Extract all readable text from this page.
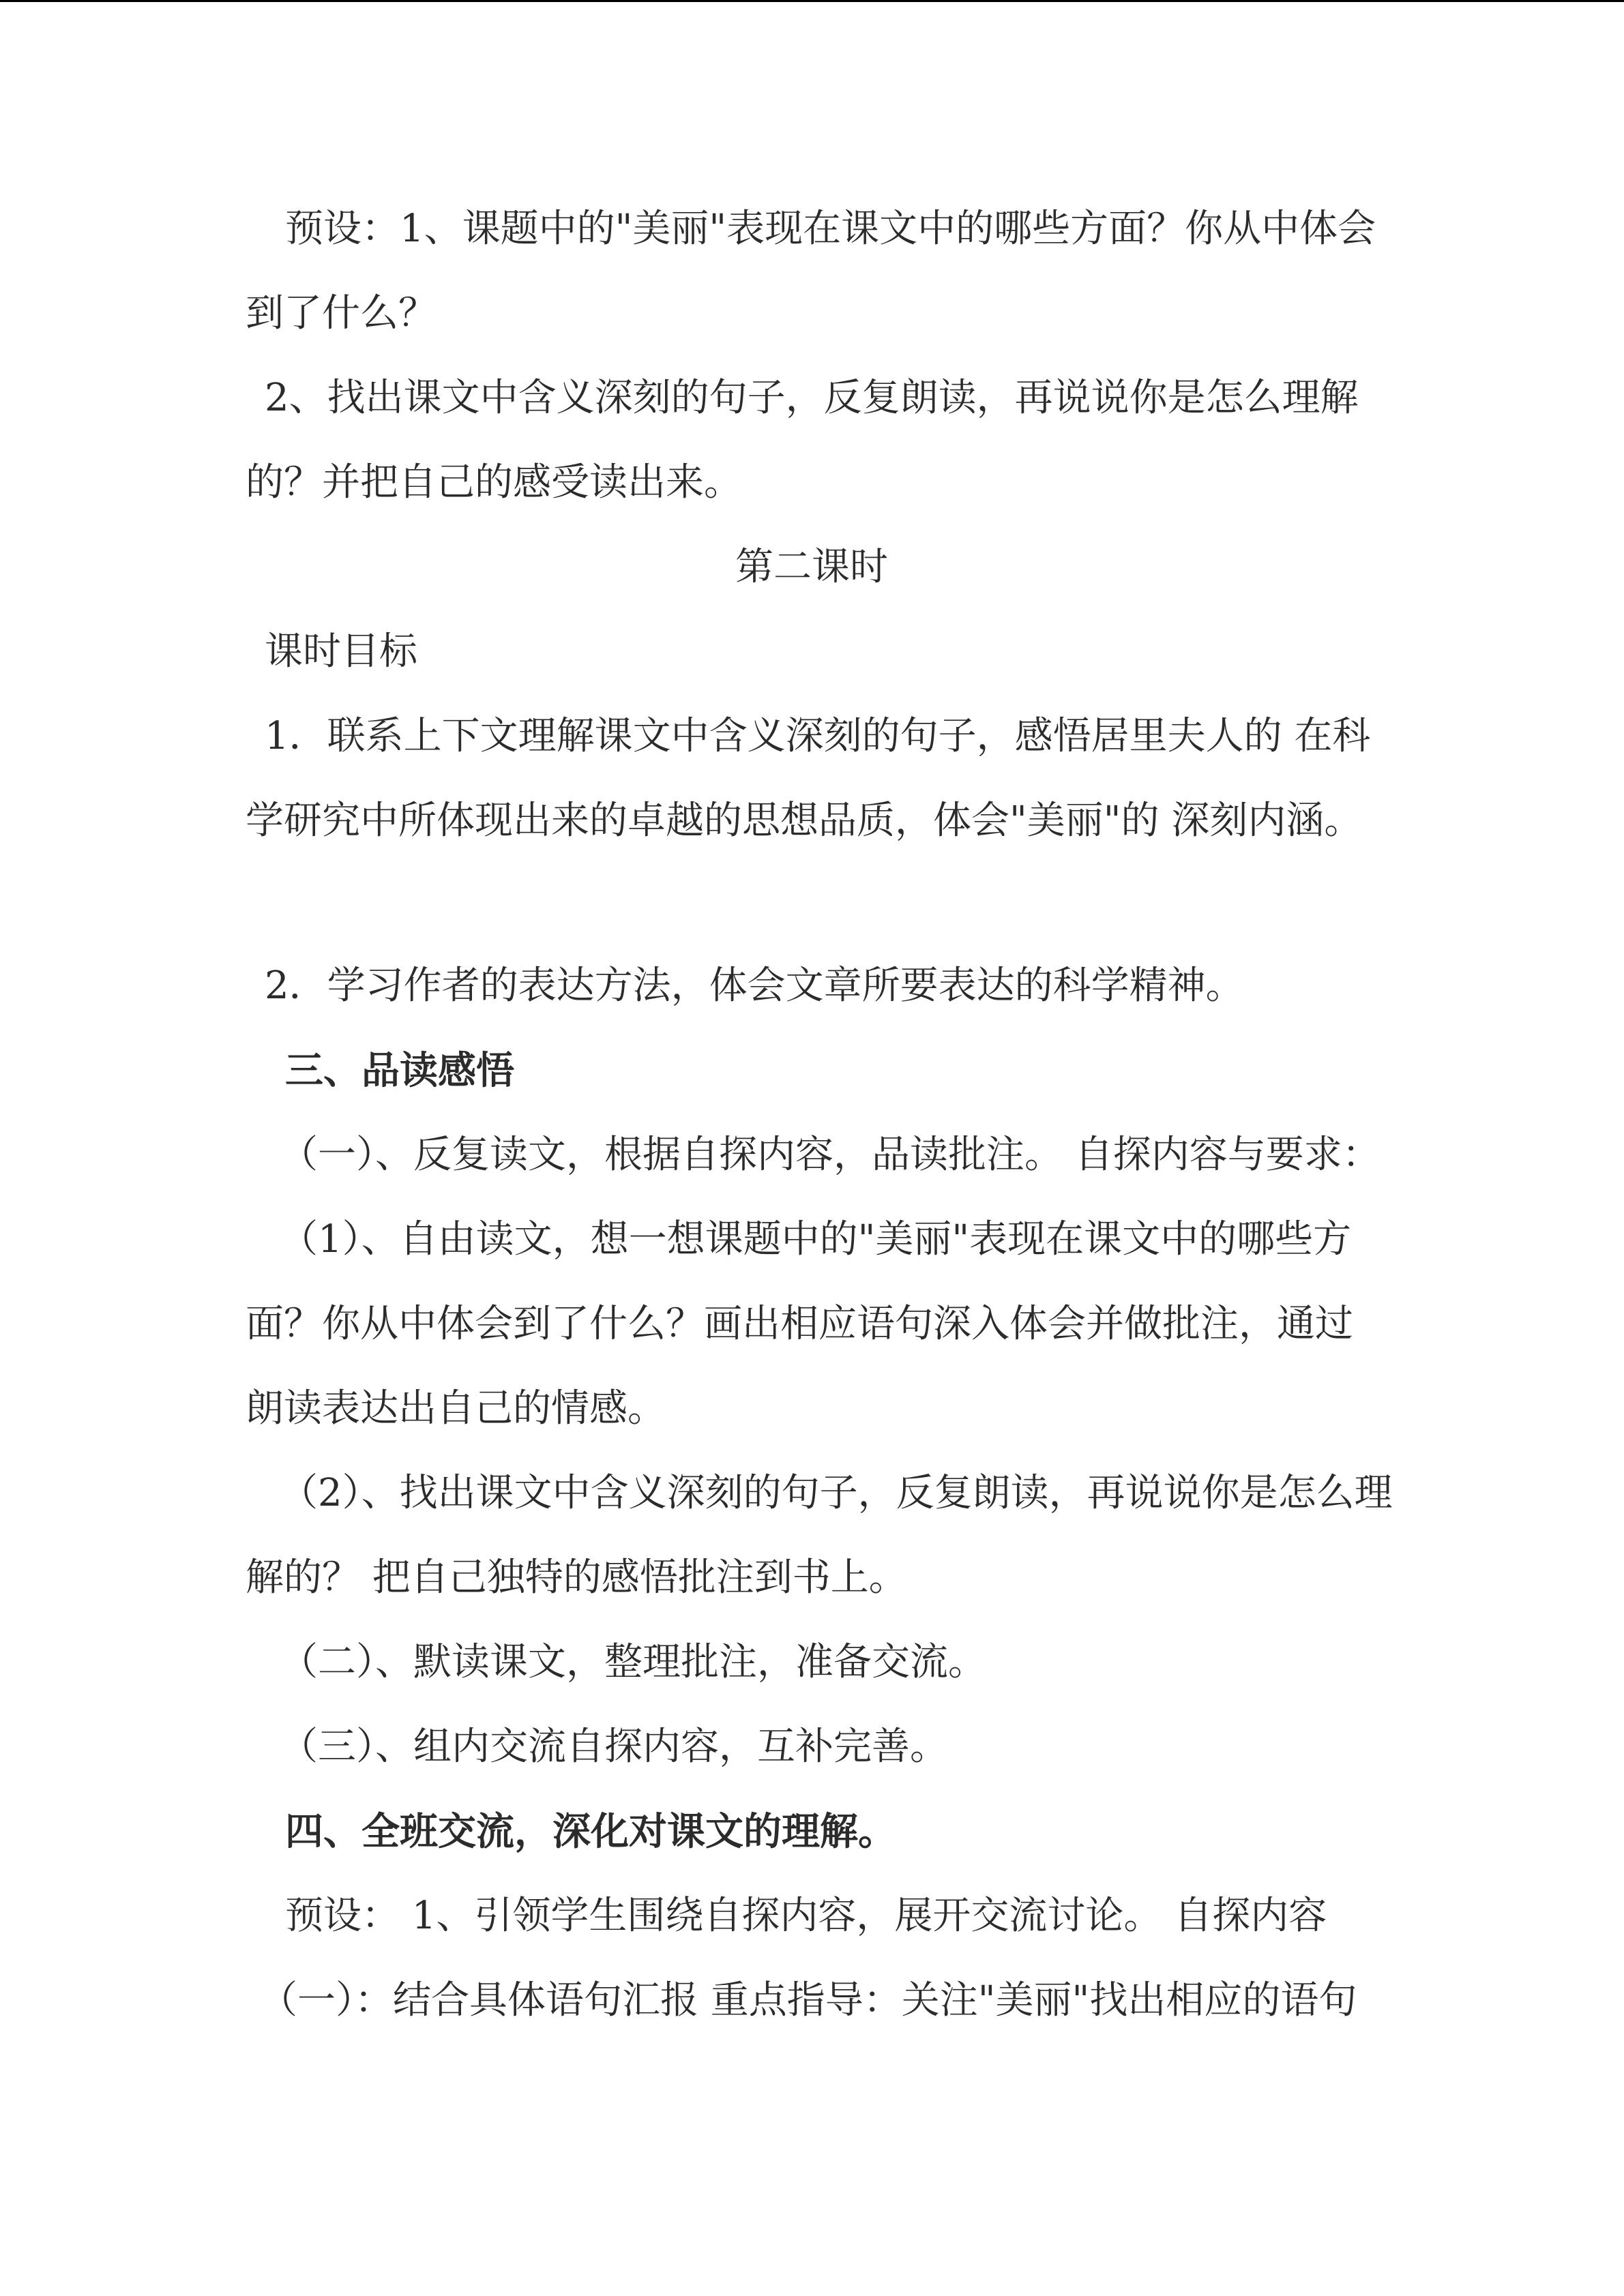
预设：1、课题中的"美丽"表现在课文中的哪些方面？你从中体会
到了什么？
2、找出课文中含义深刻的句子，反复朗读，再说说你是怎么理解
的？并把自己的感受读出来。
第二课时
课时目标
1．联系上下文理解课文中含义深刻的句子，感悟居里夫人的 在科
学研究中所体现出来的卓越的思想品质，体会"美丽"的 深刻内涵。
2．学习作者的表达方法，体会文章所要表达的科学精神。
三、品读感悟
（一）、反复读文，根据自探内容，品读批注。 自探内容与要求：
（1）、自由读文，想一想课题中的"美丽"表现在课文中的哪些方
面？你从中体会到了什么？画出相应语句深入体会并做批注，通过
朗读表达出自己的情感。
（2）、找出课文中含义深刻的句子，反复朗读，再说说你是怎么理
解的？ 把自己独特的感悟批注到书上。
（二）、默读课文，整理批注，准备交流。
（三）、组内交流自探内容，互补完善。
四、全班交流，深化对课文的理解。
预设： 1、引领学生围绕自探内容，展开交流讨论。 自探内容
（一）：结合具体语句汇报 重点指导：关注"美丽"找出相应的语句
